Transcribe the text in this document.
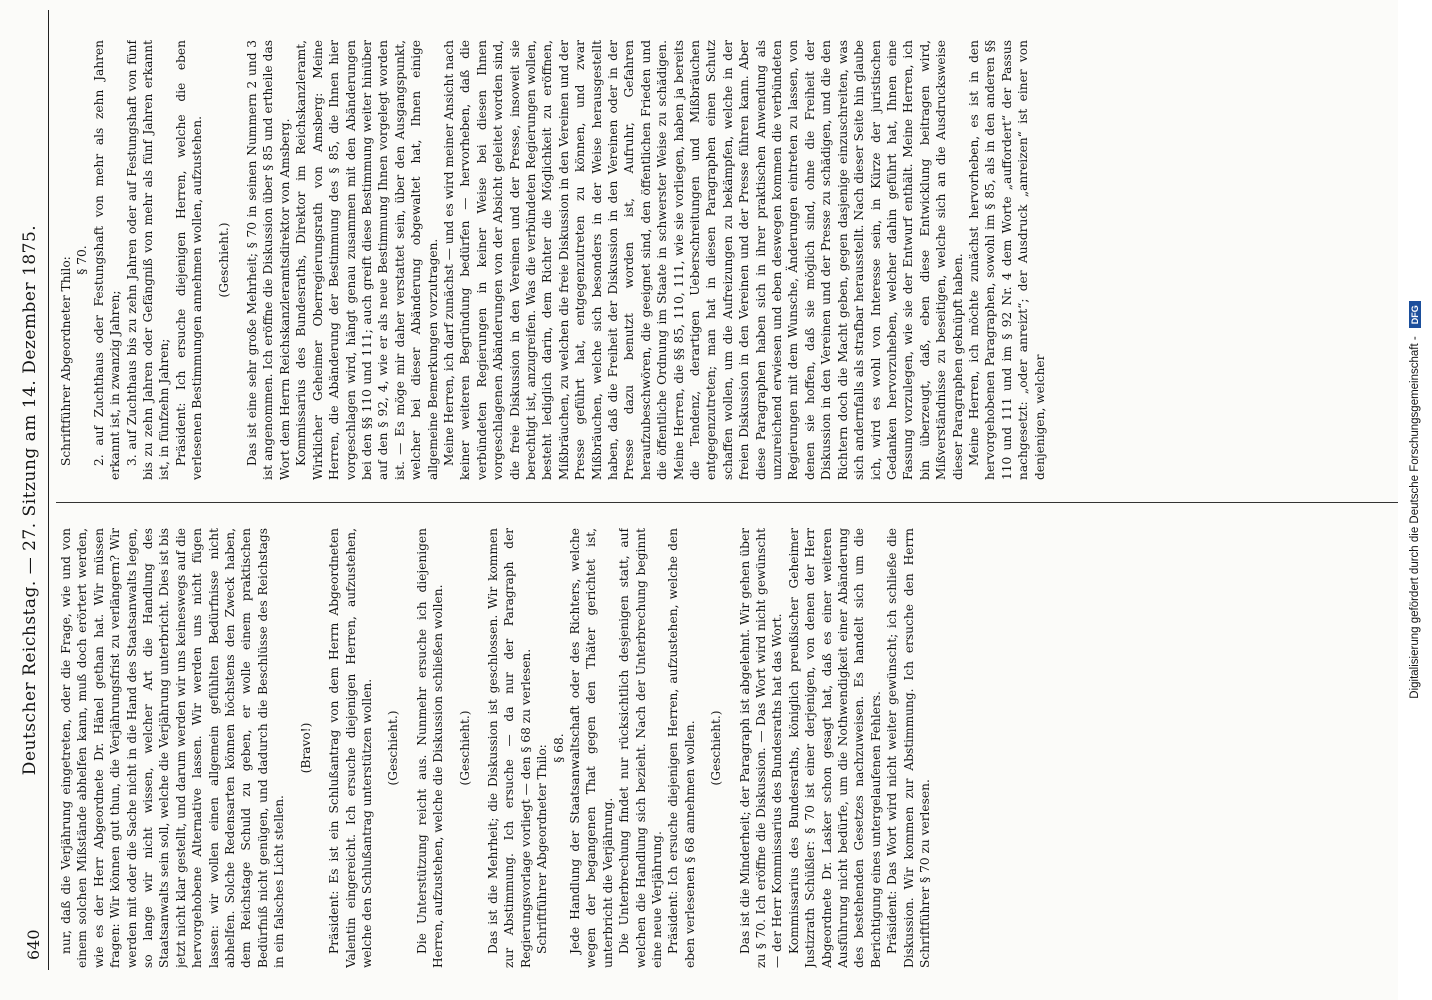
640
Deutscher Reichstag. — 27. Sitzung am 14. Dezember 1875. nur, daß die Verjährung eingetreten, oder die Frage, wie und von einem solchen Mißstände abhelfen kann, muß doch erörtert werden, wie es der Herr Abgeordnete Dr. Hänel gethan hat. Wir müssen fragen: Wir können gut thun, die Verjährungsfrist zu verlängern? Wir werden mit oder die Sache nicht in die Hand des Staatsanwalts legen, so lange wir nicht wissen, welcher Art die Handlung des Staatsanwalts sein soll, welche die Verjährung unterbricht. Dies ist bis jetzt nicht klar gestellt, und darum werden wir uns keineswegs auf die hervorgehobene Alternative lassen. Wir werden uns nicht fügen lassen: wir wollen einen allgemein gefühlten Bedürfnisse nicht abhelfen. Solche Redensarten können höchstens den Zweck haben, dem Reichstage Schuld zu geben, er wolle einem praktischen Bedürfniß nicht genügen, und dadurch die Beschlüsse des Reichstags in ein falsches Licht stellen.

(Bravo!) Präsident: Es ist ein Schlußantrag von dem Herrn Abgeordneten Valentin eingereicht. Ich ersuche diejenigen Herren, aufzustehen, welche den Schlußantrag unterstützen wollen. (Geschieht.) Die Unterstützung reicht aus. Nunmehr ersuche ich diejenigen Herren, aufzustehen, welche die Diskussion schließen wollen. (Geschieht.) Das ist die Mehrheit; die Diskussion ist geschlossen. Wir kommen zur Abstimmung. Ich ersuche — da nur der Paragraph der Regierungsvorlage vorliegt — den § 68 zu verlesen. Schriftführer Abgeordneter Thilo: § 68. Jede Handlung der Staatsanwaltschaft oder des Richters, welche wegen der begangenen That gegen den Thäter gerichtet ist, unterbricht die Verjährung. Die Unterbrechung findet nur rücksichtlich desjenigen statt, auf welchen die Handlung sich bezieht. Nach der Unterbrechung beginnt eine neue Verjährung. Präsident: Ich ersuche diejenigen Herren, aufzustehen, welche den eben verlesenen § 68 annehmen wollen. (Geschieht.) Das ist die Minderheit; der Paragraph ist abgelehnt. Wir gehen über zu § 70. Ich eröffne die Diskussion. — Das Wort wird nicht gewünscht — der Herr Kommissarius des Bundesraths hat das Wort. Kommissarius des Bundesraths, königlich preußischer Geheimer Justizrath Schüßler: § 70 ist einer derjenigen, von denen der Herr Abgeordnete Dr. Lasker schon gesagt hat, daß es einer weiteren Ausführung nicht bedürfe, um die Nothwendigkeit einer Abänderung des bestehenden Gesetzes nachzuweisen. Es handelt sich um die Berichtigung eines untergelaufenen Fehlers. Präsident: Das Wort wird nicht weiter gewünscht; ich schließe die Diskussion. Wir kommen zur Abstimmung. Ich ersuche den Herrn Schriftführer § 70 zu verlesen.

Schriftführer Abgeordneter Thilo: § 70. 2. auf Zuchthaus oder Festungshaft von mehr als zehn Jahren erkannt ist, in zwanzig Jahren; 3. auf Zuchthaus bis zu zehn Jahren oder auf Festungshaft von fünf bis zu zehn Jahren oder Gefängniß von mehr als fünf Jahren erkannt ist, in fünfzehn Jahren; Präsident: Ich ersuche diejenigen Herren, welche die eben verlesenen Bestimmungen annehmen wollen, aufzustehen. (Geschieht.) Das ist eine sehr große Mehrheit; § 70 in seinen Nummern 2 und 3 ist angenommen. Ich eröffne die Diskussion über § 85 und ertheile das Wort dem Herrn Reichskanzleramtsdirektor von Amsberg. Kommissarius des Bundesraths, Direktor im Reichskanzleramt, Wirklicher Geheimer Oberregierungsrath von Amsberg: Meine Herren, die Abänderung der Bestimmung des § 85, die Ihnen hier vorgeschlagen wird, hängt genau zusammen mit den Abänderungen bei den §§ 110 und 111; auch greift diese Bestimmung weiter hinüber auf den § 92, 4, wie er als neue Bestimmung Ihnen vorgelegt worden ist. — Es möge mir daher verstattet sein, über den Ausgangspunkt, welcher bei dieser Abänderung obgewaltet hat, Ihnen einige allgemeine Bemerkungen vorzutragen. Meine Herren, ich darf zunächst — und es wird meiner Ansicht nach keiner weiteren Begründung bedürfen — hervorheben, daß die verbündeten Regierungen in keiner Weise bei diesen Ihnen vorgeschlagenen Abänderungen von der Absicht geleitet worden sind, die freie Diskussion in den Vereinen und der Presse, insoweit sie berechtigt ist, anzugreifen. Was die verbündeten Regierungen wollen, besteht lediglich darin, dem Richter die Möglichkeit zu eröffnen, Mißbräuchen, zu welchen die freie Diskussion in den Vereinen und der Presse geführt hat, entgegenzutreten zu können, und zwar Mißbräuchen, welche sich besonders in der Weise herausgestellt haben, daß die Freiheit der Diskussion in den Vereinen oder in der Presse dazu benutzt worden ist, Aufruhr, Gefahren heraufzubeschwören, die geeignet sind, den öffentlichen Frieden und die öffentliche Ordnung im Staate in schwerster Weise zu schädigen. Meine Herren, die §§ 85, 110, 111, wie sie vorliegen, haben ja bereits die Tendenz, derartigen Ueberschreitungen und Mißbräuchen entgegenzutreten; man hat in diesen Paragraphen einen Schutz schaffen wollen, um die Aufreizungen zu bekämpfen, welche in der freien Diskussion in den Vereinen und der Presse führen kann. Aber diese Paragraphen haben sich in ihrer praktischen Anwendung als unzureichend erwiesen und eben deswegen kommen die verbündeten Regierungen mit dem Wunsche, Änderungen eintreten zu lassen, von denen sie hoffen, daß sie möglich sind, ohne die Freiheit der Diskussion in den Vereinen und der Presse zu schädigen, und die den Richtern doch die Macht geben, gegen dasjenige einzuschreiten, was sich andernfalls als strafbar herausstellt. Nach dieser Seite hin glaube ich, wird es wohl von Interesse sein, in Kürze der juristischen Gedanken hervorzuheben, welcher dahin geführt hat, Ihnen eine Fassung vorzulegen, wie sie der Entwurf enthält. Meine Herren, ich bin überzeugt, daß, eben diese Entwicklung beitragen wird, Mißverständnisse zu beseitigen, welche sich an die Ausdrucksweise dieser Paragraphen geknüpft haben. Meine Herren, ich möchte zunächst hervorheben, es ist in den hervorgehobenen Paragraphen, sowohl im § 85, als in den anderen §§ 110 und 111 und im § 92 Nr. 4 dem Worte „auffordert“ der Passus nachgesetzt: „oder anreizt“; der Ausdruck „anreizen“ ist einer von denjenigen, welcher	Digitalisierung gefördert durch die Deutsche Forschungsgemeinschaft -
DFG
